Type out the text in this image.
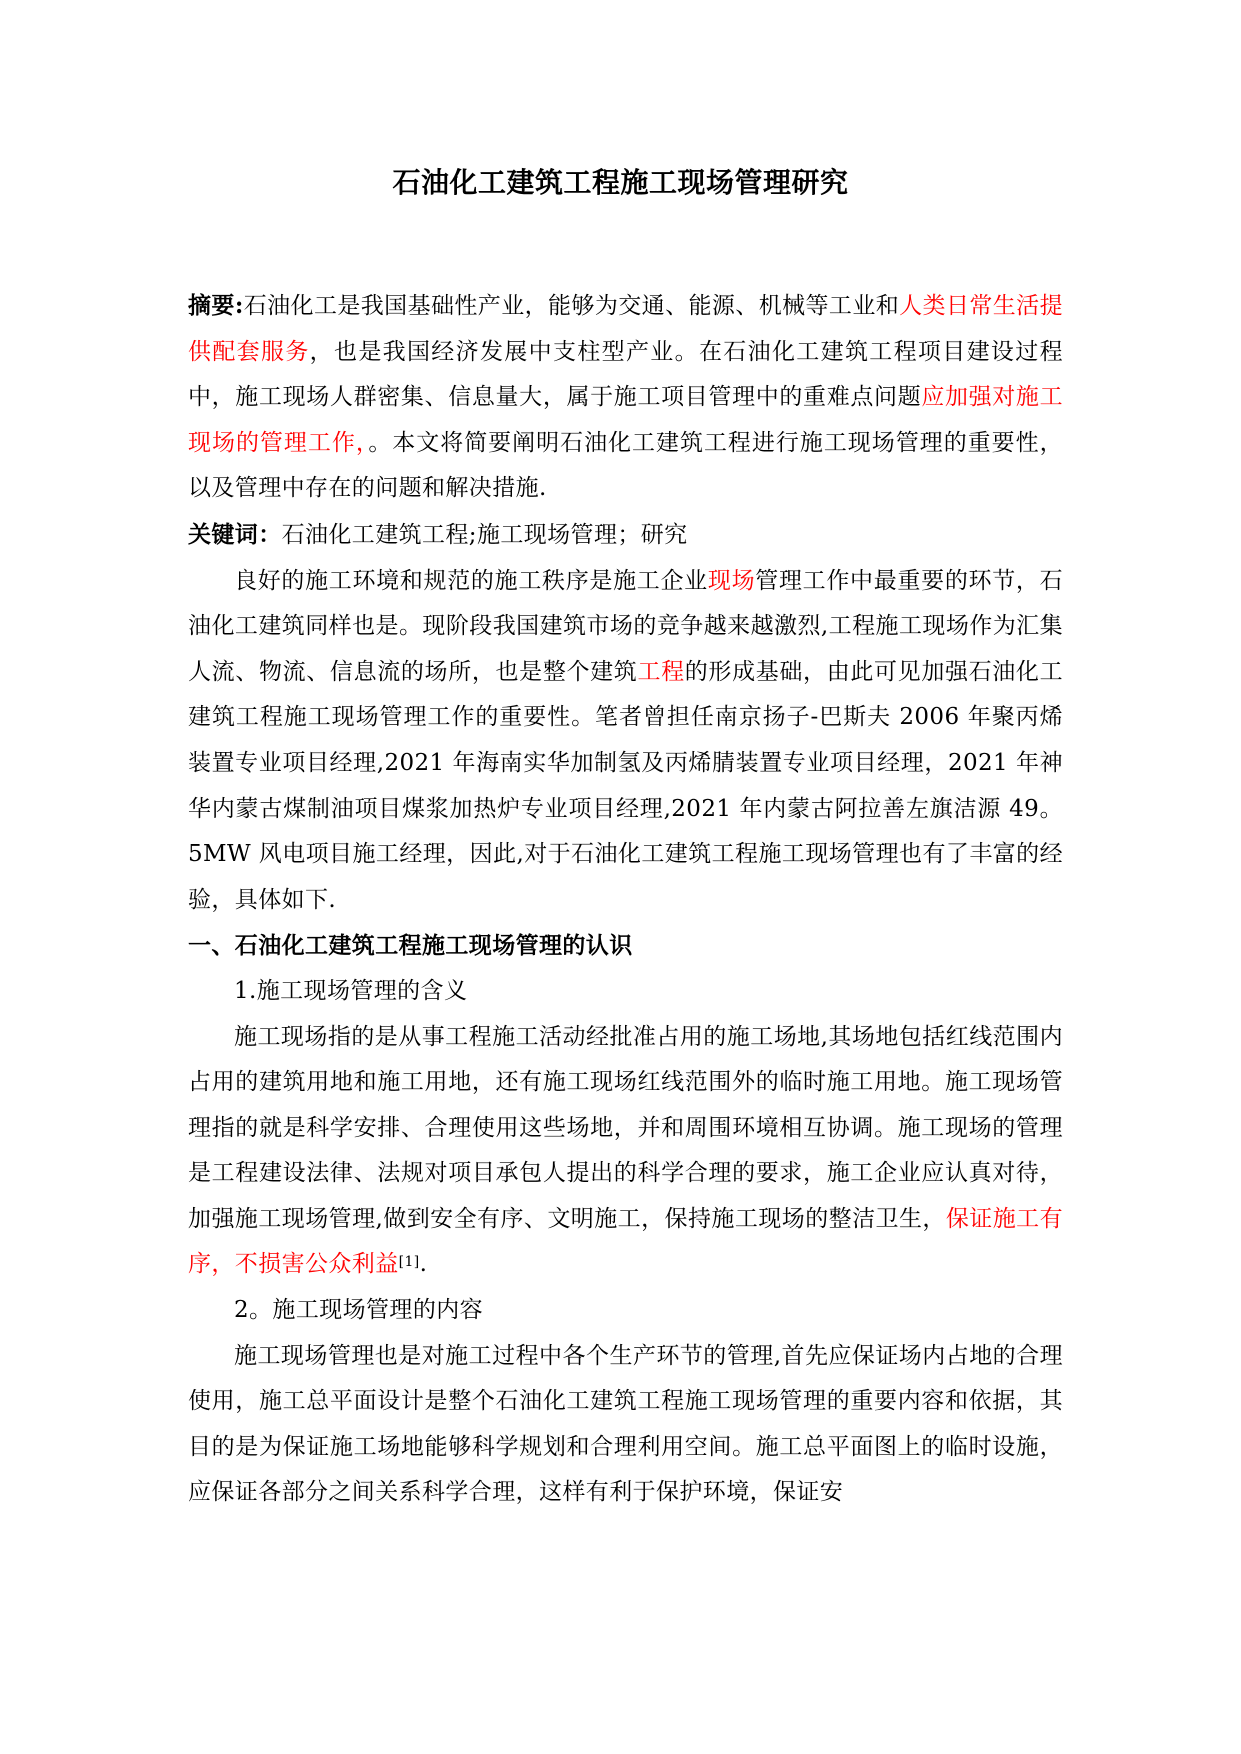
石油化工建筑工程施工现场管理研究

摘要:石油化工是我国基础性产业，能够为交通、能源、机械等工业和人类日常生活提供配套服务，也是我国经济发展中支柱型产业。在石油化工建筑工程项目建设过程中，施工现场人群密集、信息量大，属于施工项目管理中的重难点问题应加强对施工现场的管理工作，。本文将简要阐明石油化工建筑工程进行施工现场管理的重要性，以及管理中存在的问题和解决措施.

关键词：石油化工建筑工程;施工现场管理；研究

良好的施工环境和规范的施工秩序是施工企业现场管理工作中最重要的环节，石油化工建筑同样也是。现阶段我国建筑市场的竞争越来越激烈,工程施工现场作为汇集人流、物流、信息流的场所，也是整个建筑工程的形成基础，由此可见加强石油化工建筑工程施工现场管理工作的重要性。笔者曾担任南京扬子-巴斯夫 2006 年聚丙烯装置专业项目经理,2021 年海南实华加制氢及丙烯腈装置专业项目经理，2021 年神华内蒙古煤制油项目煤浆加热炉专业项目经理,2021 年内蒙古阿拉善左旗洁源 49。5MW 风电项目施工经理，因此,对于石油化工建筑工程施工现场管理也有了丰富的经验，具体如下.

一、石油化工建筑工程施工现场管理的认识

1.施工现场管理的含义

施工现场指的是从事工程施工活动经批准占用的施工场地,其场地包括红线范围内占用的建筑用地和施工用地，还有施工现场红线范围外的临时施工用地。施工现场管理指的就是科学安排、合理使用这些场地，并和周围环境相互协调。施工现场的管理是工程建设法律、法规对项目承包人提出的科学合理的要求，施工企业应认真对待，加强施工现场管理,做到安全有序、文明施工，保持施工现场的整洁卫生，保证施工有序，不损害公众利益[1].

2。施工现场管理的内容

施工现场管理也是对施工过程中各个生产环节的管理,首先应保证场内占地的合理使用，施工总平面设计是整个石油化工建筑工程施工现场管理的重要内容和依据，其目的是为保证施工场地能够科学规划和合理利用空间。施工总平面图上的临时设施，应保证各部分之间关系科学合理，这样有利于保护环境，保证安
